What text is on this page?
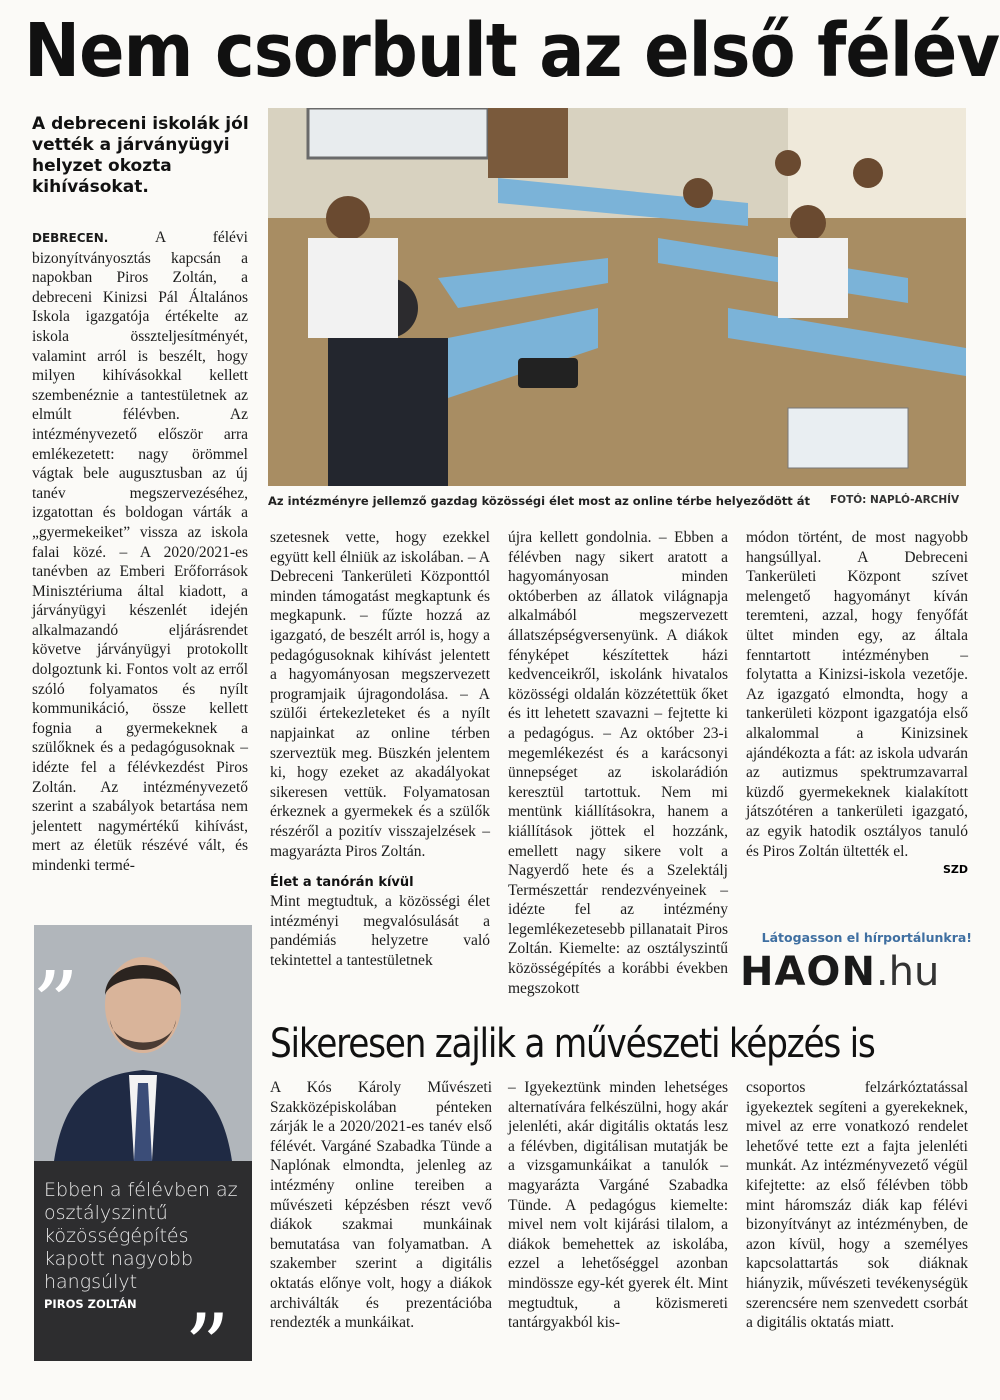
Nem csorbult az első félév

A debreceni iskolák jól vették a járványügyi helyzet okozta kihívásokat.

Az intézményre jellemző gazdag közösségi élet most az online térbe helyeződött át FOTÓ: NAPLÓ-ARCHÍV

DEBRECEN.	A félévi bizonyítványosztás kapcsán a napokban Piros Zoltán, a debreceni Kinizsi Pál Általános Iskola igazgatója értékelte az iskola összteljesítményét, valamint arról is beszélt, hogy milyen kihívásokkal kellett szembenéznie a tantestületnek az elmúlt félévben. Az intézményvezető először arra emlékezetett: nagy örömmel vágtak bele augusztusban az új tanév megszervezéséhez, izgatottan és boldogan várták a „gyermekeiket” vissza az iskola falai közé. – A 2020/2021-es tanévben az Emberi Erőforrások Minisztériuma által kiadott, a járványügyi készenlét idején alkalmazandó eljárásrendet követve járványügyi protokollt dolgoztunk ki. Fontos volt az erről szóló folyamatos és nyílt kommunikáció, össze kellett fognia a gyermekeknek a szülőknek és a pedagógusoknak – idézte fel a félévkezdést Piros Zoltán. Az intézményvezető szerint a szabályok betartása nem jelentett nagymértékű kihívást, mert az életük részévé vált, és mindenki termé-

szetesnek vette, hogy ezekkel együtt kell élniük az iskolában. – A Debreceni Tankerületi Központtól minden támogatást megkaptunk és megkapunk. – fűzte hozzá az igazgató, de beszélt arról is, hogy a pedagógusoknak kihívást jelentett a hagyományosan megszervezett programjaik újragondolása. – A szülői értekezleteket és a nyílt napjainkat az online térben szerveztük meg. Büszkén jelentem ki, hogy ezeket az akadályokat sikeresen vettük. Folyamatosan érkeznek a gyermekek és a szülők részéről a pozitív visszajelzések – magyarázta Piros Zoltán.

Élet a tanórán kívül

Mint megtudtuk, a közösségi élet intézményi megvalósulását a pandémiás helyzetre való tekintettel a tantestületnek

újra kellett gondolnia. – Ebben a félévben nagy sikert aratott a hagyományosan minden októberben az állatok világnapja alkalmából megszervezett állatszépségversenyünk. A diákok fényképet készítettek házi kedvenceikről, iskolánk hivatalos közösségi oldalán közzétettük őket és itt lehetett szavazni – fejtette ki a pedagógus. – Az október 23-i megemlékezést és a karácsonyi ünnepséget az iskolarádión keresztül tartottuk. Nem mi mentünk kiállításokra, hanem a kiállítások jöttek el hozzánk, emellett nagy sikere volt a Nagyerdő hete és a Szelektálj Természettár rendezvényeinek – idézte fel az intézmény legemlékezetesebb pillanatait Piros Zoltán. Kiemelte: az osztályszintű közösségépítés a korábbi években megszokott

módon történt, de most nagyobb hangsúllyal. A Debreceni Tankerületi Központ szívet melengető hagyományt kíván teremteni, azzal, hogy fenyőfát ültet minden egy, az általa fenntartott intézményben – folytatta a Kinizsi-iskola vezetője. Az igazgató elmondta, hogy a tankerületi központ igazgatója első alkalommal a Kinizsinek ajándékozta a fát: az iskola udvarán az autizmus spektrumzavarral küzdő gyermekeknek kialakított játszótéren a tankerületi igazgató, az egyik hatodik osztályos tanuló és Piros Zoltán ültették el.

SZD
Látogasson el hírportálunkra!
HAON.hu
„
Ebben a félévben az osztályszintű közösségépítés kapott nagyobb hangsúlyt
PIROS ZOLTÁN ”
Sikeresen zajlik a művészeti képzés is

A Kós Károly Művészeti Szakközépiskolában pénteken zárják le a 2020/2021-es tanév első félévét. Vargáné Szabadka Tünde a Naplónak elmondta, jelenleg az intézmény online tereiben a művészeti képzésben részt vevő diákok szakmai munkáinak bemutatása van folyamatban. A szakember szerint a digitális oktatás előnye volt, hogy a diákok archiválták és prezentációba rendezték a munkáikat.

– Igyekeztünk minden lehetséges alternatívára felkészülni, hogy akár jelenléti, akár digitális oktatás lesz a félévben, digitálisan mutatják be a vizsgamunkáikat a tanulók – magyarázta Vargáné Szabadka Tünde. A pedagógus kiemelte: mivel nem volt kijárási tilalom, a diákok bemehettek az iskolába, ezzel a lehetőséggel azonban mindössze egy-két gyerek élt. Mint megtudtuk, a közismereti tantárgyakból kis-

csoportos felzárkóztatással igyekeztek segíteni a gyerekeknek, mivel az erre vonatkozó rendelet lehetővé tette ezt a fajta jelenléti munkát. Az intézményvezető végül kifejtette: az első félévben több mint háromszáz diák kap félévi bizonyítványt az intézményben, de azon kívül, hogy a személyes kapcsolattartás sok diáknak hiányzik, művészeti tevékenységük szerencsére nem szenvedett csorbát a digitális oktatás miatt.
